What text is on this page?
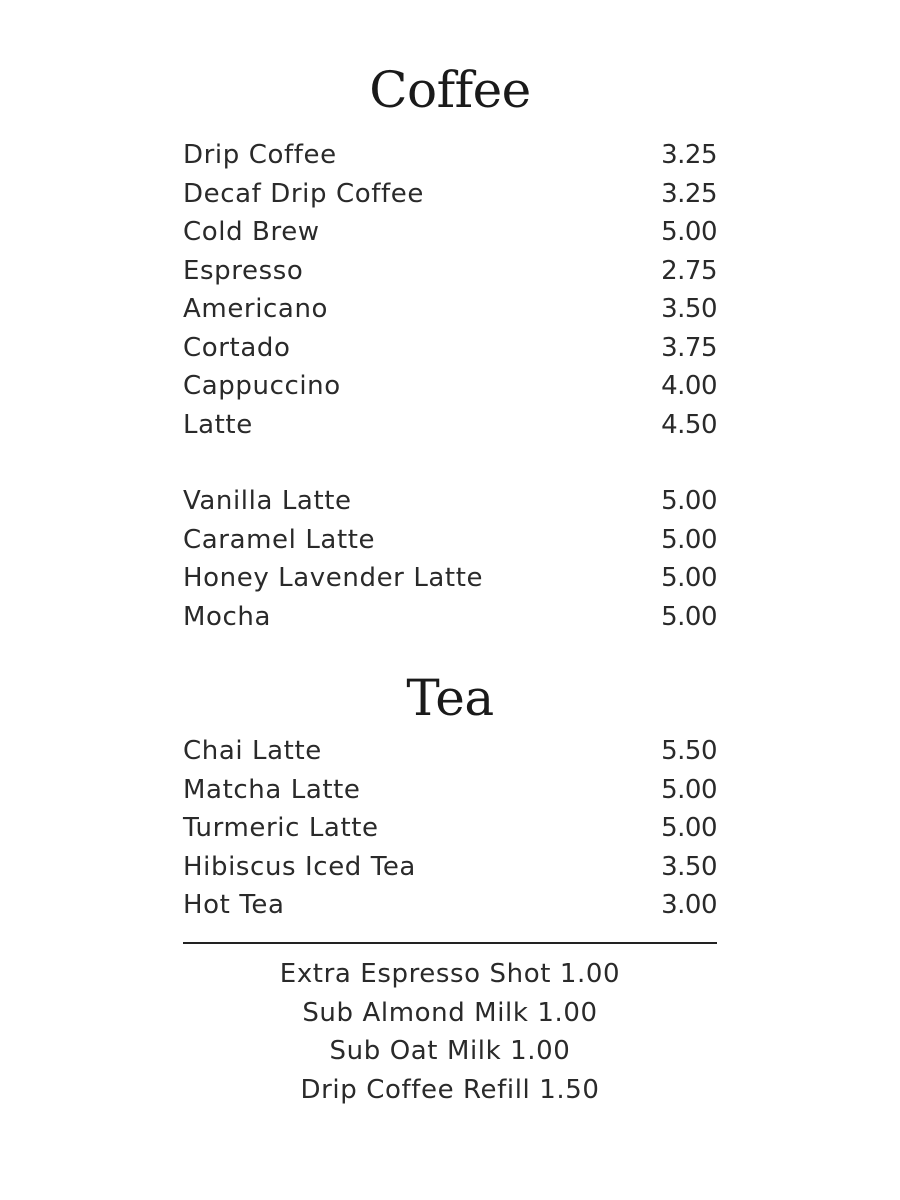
Coffee
Drip Coffee	3.25
Decaf Drip Coffee	3.25
Cold Brew	5.00
Espresso	2.75
Americano	3.50
Cortado	3.75
Cappuccino	4.00
Latte	4.50
Vanilla Latte	5.00
Caramel Latte	5.00
Honey Lavender Latte	5.00
Mocha	5.00
Tea
Chai Latte	5.50
Matcha Latte	5.00
Turmeric Latte	5.00
Hibiscus Iced Tea	3.50
Hot Tea	3.00
Extra Espresso Shot 1.00
Sub Almond Milk 1.00
Sub Oat Milk 1.00
Drip Coffee Refill 1.50
